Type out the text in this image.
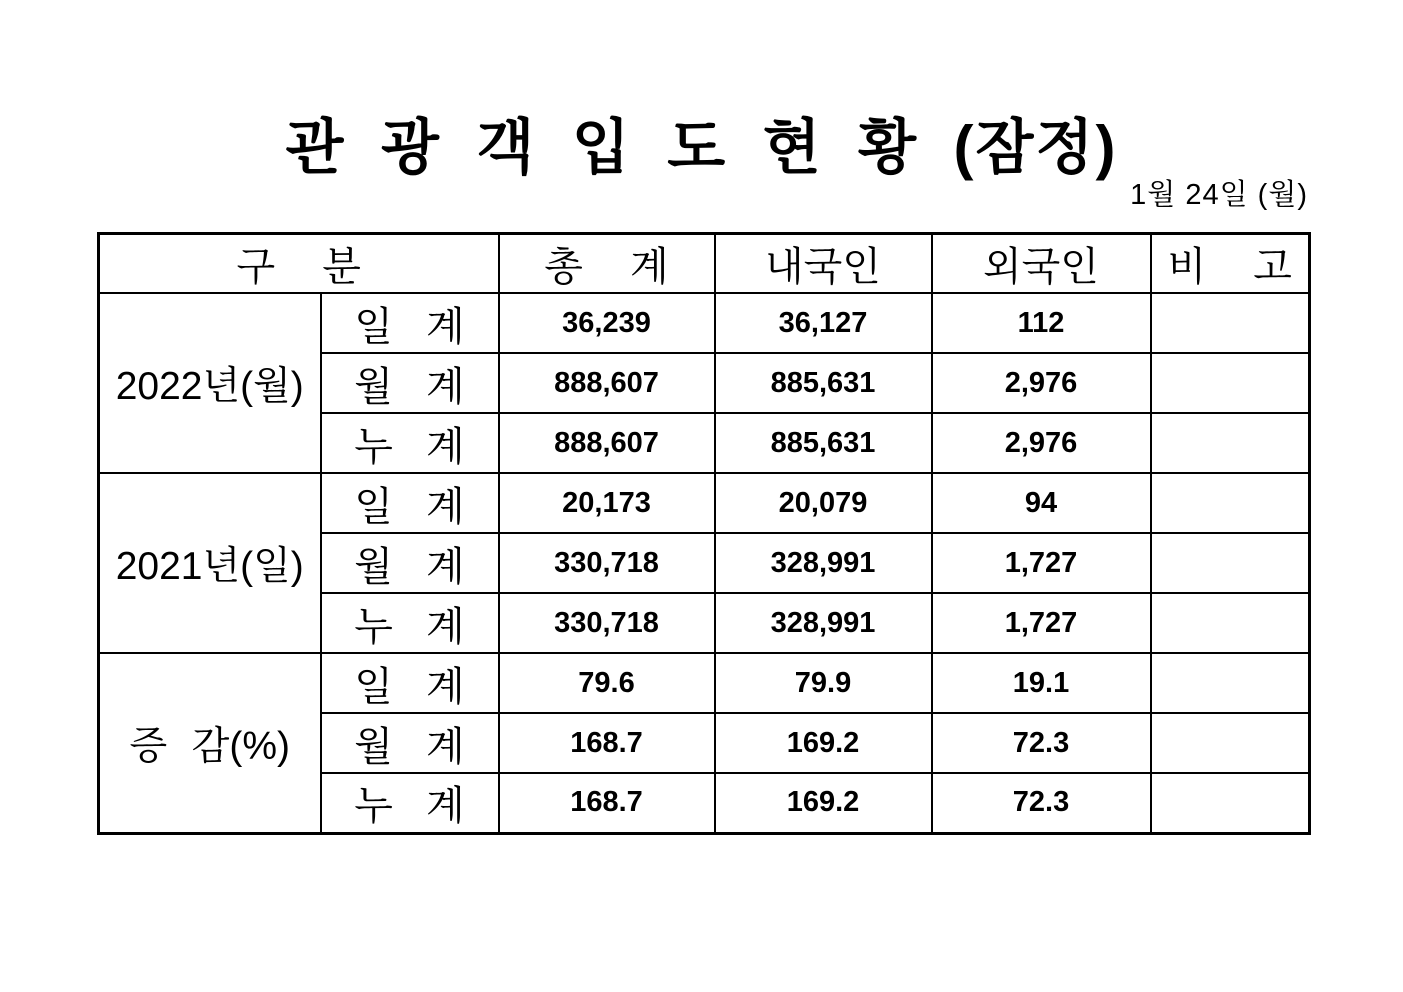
관 광 객 입 도 현 황 (잠정)
1월 24일 (월)
구 분		총 계	내국인	외국인	비 고
2022년(월)	일 계	36,239	36,127	112	
	월 계	888,607	885,631	2,976	
	누 계	888,607	885,631	2,976	
2021년(일)	일 계	20,173	20,079	94	
	월 계	330,718	328,991	1,727	
	누 계	330,718	328,991	1,727	
증 감(%)	일 계	79.6	79.9	19.1	
	월 계	168.7	169.2	72.3	
	누 계	168.7	169.2	72.3	
